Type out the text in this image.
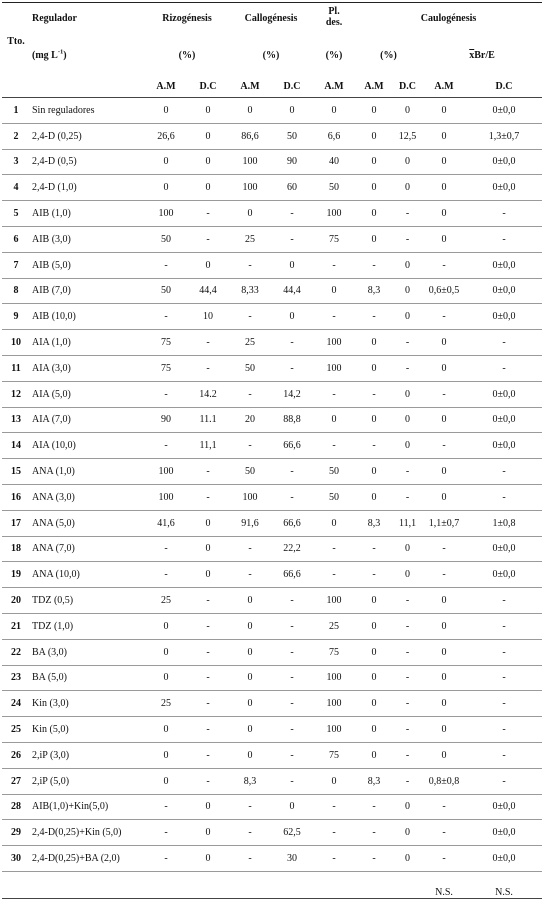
Tto.	Regulador	Rizogénesis		Callogénesis		Pl.
des.	Caulogénesis			
	(mg $L^{-1}$)	(%)		(%)		(%)	(%)		$\overline{x}Br/E$	
		A.M	D.C	A.M	D.C	A.M	A.M	D.C	A.M	D.C
1	Sin reguladores	0	0	0	0	0	0	0	0	0±0,0
2	2,4-D (0,25)	26,6	0	86,6	50	6,6	0	12,5	0	1,3±0,7
3	2,4-D (0,5)	0	0	100	90	40	0	0	0	0±0,0
4	2,4-D (1,0)	0	0	100	60	50	0	0	0	0±0,0
5	AIB (1,0)	100	-	0	-	100	0	-	0	-
6	AIB (3,0)	50	-	25	-	75	0	-	0	-
7	AIB (5,0)	-	0	-	0	-	-	0	-	0±0,0
8	AIB (7,0)	50	44,4	8,33	44,4	0	8,3	0	0,6±0,5	0±0,0
9	AIB (10,0)	-	10	-	0	-	-	0	-	0±0,0
10	AIA (1,0)	75	-	25	-	100	0	-	0	-
11	AIA (3,0)	75	-	50	-	100	0	-	0	-
12	AIA (5,0)	-	14.2	-	14,2	-	-	0	-	0±0,0
13	AIA (7,0)	90	11.1	20	88,8	0	0	0	0	0±0,0
14	AIA (10,0)	-	11,1	-	66,6	-	-	0	-	0±0,0
15	ANA (1,0)	100	-	50	-	50	0	-	0	-
16	ANA (3,0)	100	-	100	-	50	0	-	0	-
17	ANA (5,0)	41,6	0	91,6	66,6	0	8,3	11,1	1,1±0,7	1±0,8
18	ANA (7,0)	-	0	-	22,2	-	-	0	-	0±0,0
19	ANA (10,0)	-	0	-	66,6	-	-	0	-	0±0,0
20	TDZ (0,5)	25	-	0	-	100	0	-	0	-
21	TDZ (1,0)	0	-	0	-	25	0	-	0	-
22	BA (3,0)	0	-	0	-	75	0	-	0	-
23	BA (5,0)	0	-	0	-	100	0	-	0	-
24	Kin (3,0)	25	-	0	-	100	0	-	0	-
25	Kin (5,0)	0	-	0	-	100	0	-	0	-
26	2,iP (3,0)	0	-	0	-	75	0	-	0	-
27	2,iP (5,0)	0	-	8,3	-	0	8,3	-	0,8±0,8	-
28	AIB(1,0)+Kin(5,0)	-	0	-	0	-	-	0	-	0±0,0
29	2,4-D(0,25)+Kin (5,0)	-	0	-	62,5	-	-	0	-	0±0,0
30	2,4-D(0,25)+BA (2,0)	-	0	-	30	-	-	0	-	0±0,0
									N.S.	N.S.
